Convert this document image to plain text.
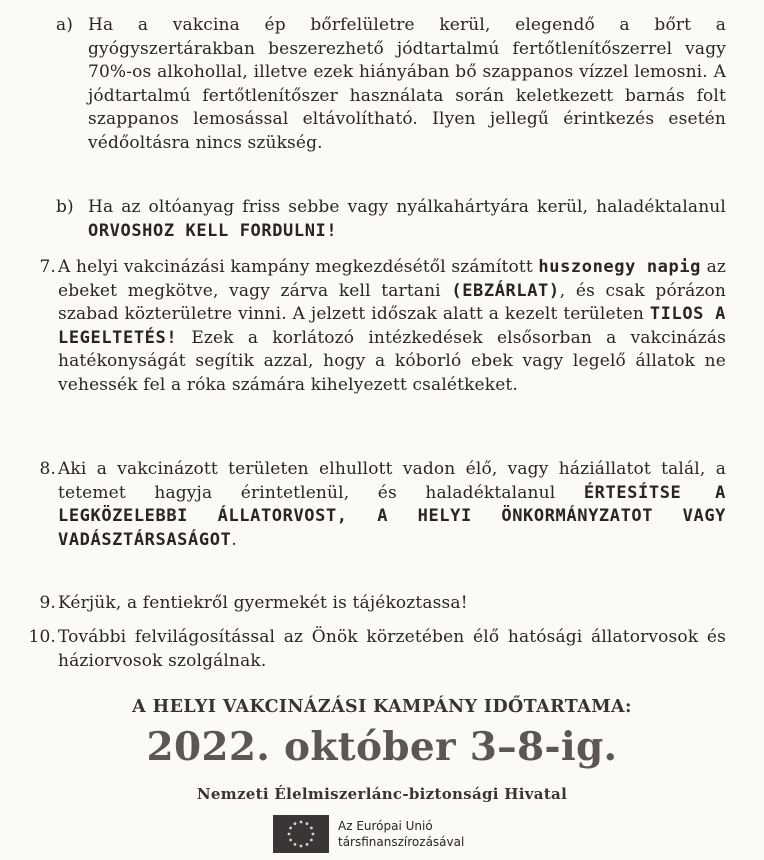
a) Ha a vakcina ép bőrfelületre kerül, elegendő a bőrt a gyógyszertárakban beszerezhető jódtartalmú fertőtlenítőszerrel vagy 70%-os alkohollal, illetve ezek hiányában bő szappanos vízzel lemosni. A jódtartalmú fertőtlenítőszer használata során keletkezett barnás folt szappanos lemosással eltávolítható. Ilyen jellegű érintkezés esetén védőoltásra nincs szükség.
b) Ha az oltóanyag friss sebbe vagy nyálkahártyára kerül, haladéktalanul ORVOSHOZ KELL FORDULNI!
7. A helyi vakcinázási kampány megkezdésétől számított huszonegy napig az ebeket megkötve, vagy zárva kell tartani (EBZÁRLAT), és csak pórázon szabad közterületre vinni. A jelzett időszak alatt a kezelt területen TILOS A LEGELTETÉS! Ezek a korlátozó intézkedések elsősorban a vakcinázás hatékonyságát segítik azzal, hogy a kóborló ebek vagy legelő állatok ne vehessék fel a róka számára kihelyezett csalétkeket.
8. Aki a vakcinázott területen elhullott vadon élő, vagy háziállatot talál, a tetemet hagyja érintetlenül, és haladéktalanul ÉRTESÍTSE A LEGKÖZELEBBI ÁLLATORVOST, A HELYI ÖNKORMÁNYZATOT VAGY VADÁSZTÁRSASÁGOT.
9. Kérjük, a fentiekről gyermekét is tájékoztassa!
10. További felvilágosítással az Önök körzetében élő hatósági állatorvosok és háziorvosok szolgálnak.
A HELYI VAKCINÁZÁSI KAMPÁNY IDŐTARTAMA:
2022. október 3–8-ig.
Nemzeti Élelmiszerlánc-biztonsági Hivatal
Az Európai Unió
társfinanszírozásával
